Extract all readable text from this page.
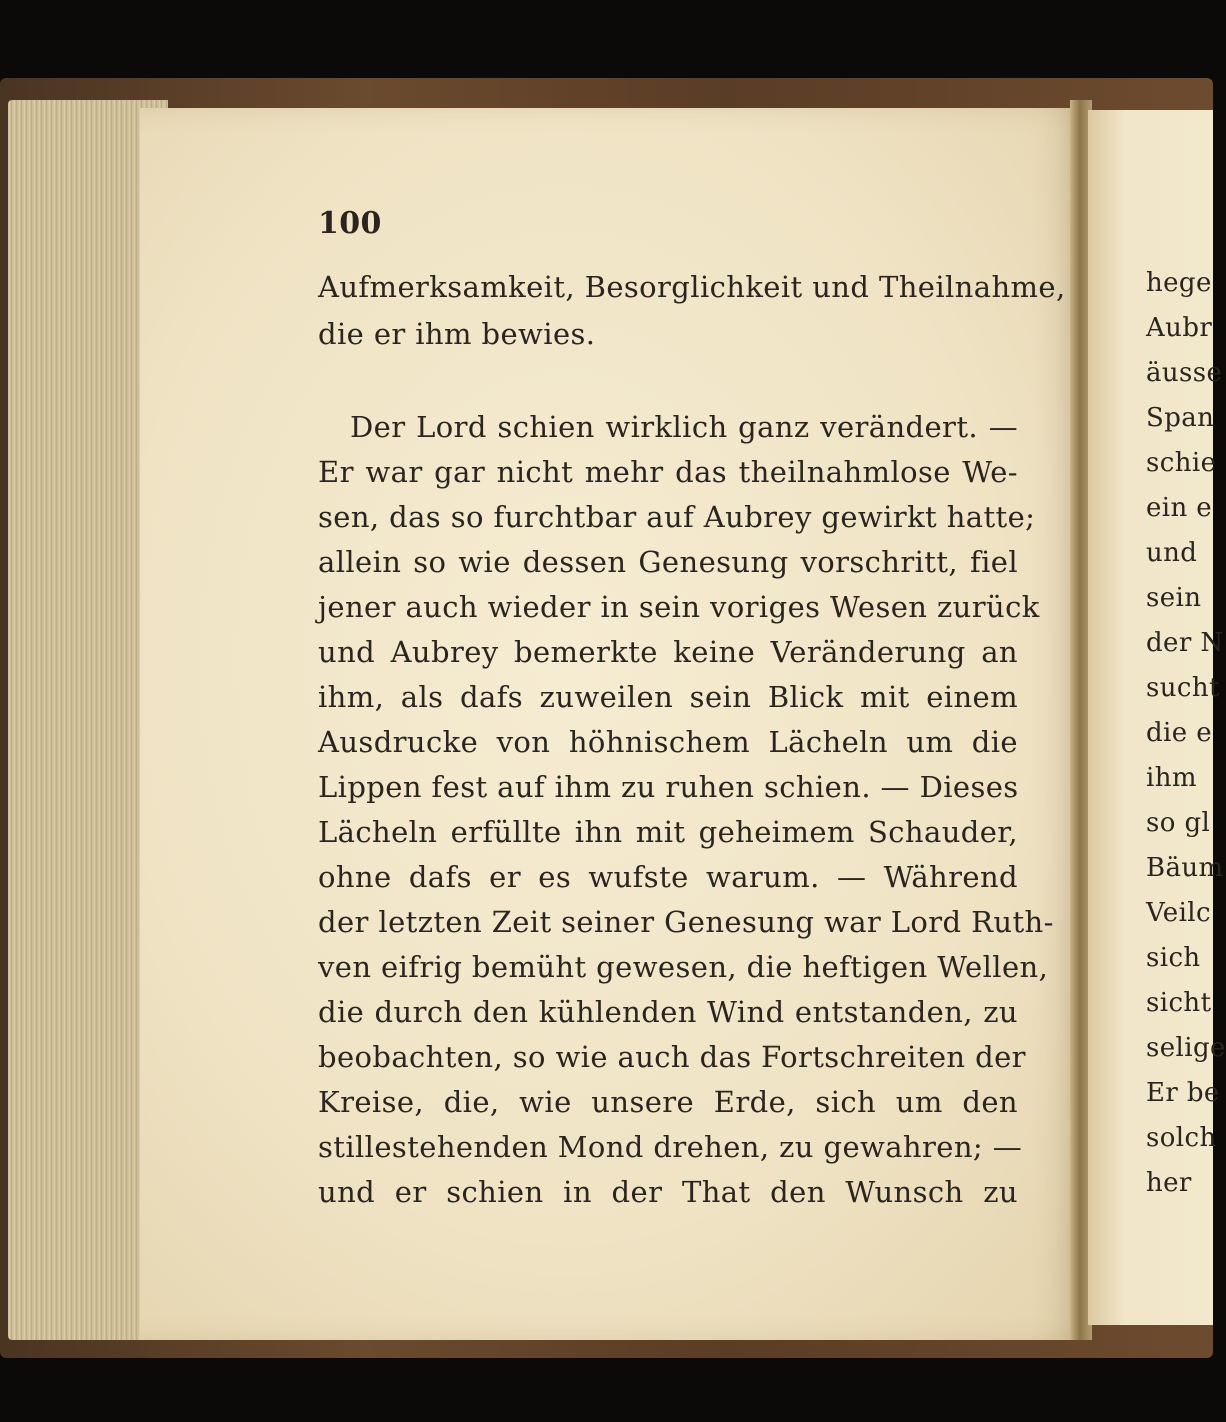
100

Aufmerksamkeit, Besorglichkeit und Theilnahme,

die er ihm bewies.

Der Lord schien wirklich ganz verändert. —

Er war gar nicht mehr das theilnahmlose We-

sen, das so furchtbar auf Aubrey gewirkt hatte;

allein so wie dessen Genesung vorschritt, fiel

jener auch wieder in sein voriges Wesen zurück

und Aubrey bemerkte keine Veränderung an

ihm, als dafs zuweilen sein Blick mit einem

Ausdrucke von höhnischem Lächeln um die

Lippen fest auf ihm zu ruhen schien. — Dieses

Lächeln erfüllte ihn mit geheimem Schauder,

ohne dafs er es wufste warum. — Während

der letzten Zeit seiner Genesung war Lord Ruth-

ven eifrig bemüht gewesen, die heftigen Wellen,

die durch den kühlenden Wind entstanden, zu

beobachten, so wie auch das Fortschreiten der

Kreise, die, wie unsere Erde, sich um den

stillestehenden Mond drehen, zu gewahren; —

und er schien in der That den Wunsch zu

hege

Aubr

äusse

Span

schie

ein e

und

sein

der N

sucht

die e

ihm

so gl

Bäum

Veilc

sich

sicht

selige

Er be

solch

her
